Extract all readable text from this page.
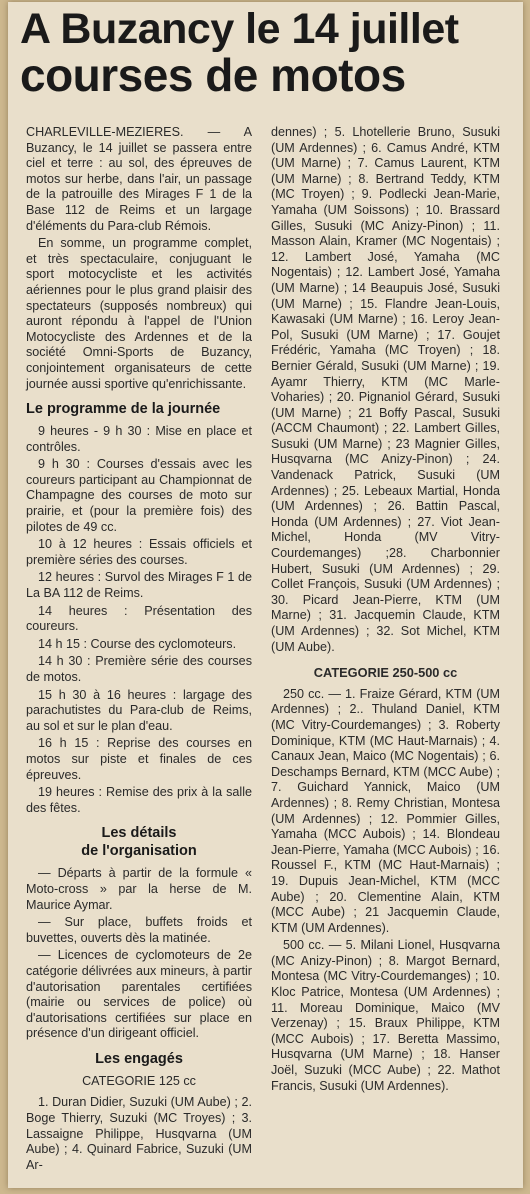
A Buzancy le 14 juillet
courses de motos

CHARLEVILLE-MEZIERES. — A Buzancy, le 14 juillet se passera entre ciel et terre : au sol, des épreuves de motos sur herbe, dans l'air, un passage de la patrouille des Mirages F 1 de la Base 112 de Reims et un largage d'éléments du Para-club Rémois.

En somme, un programme complet, et très spectaculaire, conjuguant le sport motocycliste et les activités aériennes pour le plus grand plaisir des spectateurs (supposés nombreux) qui auront répondu à l'appel de l'Union Motocycliste des Ardennes et de la société Omni-Sports de Buzancy, conjointement organisateurs de cette journée aussi sportive qu'enrichissante.

Le programme de la journée

9 heures - 9 h 30 : Mise en place et contrôles.

9 h 30 : Courses d'essais avec les coureurs participant au Championnat de Champagne des courses de moto sur prairie, et (pour la première fois) des pilotes de 49 cc.

10 à 12 heures : Essais officiels et première séries des courses.

12 heures : Survol des Mirages F 1 de La BA 112 de Reims.

14 heures : Présentation des coureurs.

14 h 15 : Course des cyclomoteurs.

14 h 30 : Première série des courses de motos.

15 h 30 à 16 heures : largage des parachutistes du Para-club de Reims, au sol et sur le plan d'eau.

16 h 15 : Reprise des courses en motos sur piste et finales de ces épreuves.

19 heures : Remise des prix à la salle des fêtes.

Les détails
de l'organisation

— Départs à partir de la formule « Moto-cross » par la herse de M. Maurice Aymar.

— Sur place, buffets froids et buvettes, ouverts dès la matinée.

— Licences de cyclomoteurs de 2e catégorie délivrées aux mineurs, à partir d'autorisation parentales certifiées (mairie ou services de police) où d'autorisations certifiées sur place en présence d'un dirigeant officiel.

Les engagés
CATEGORIE 125 cc

1. Duran Didier, Suzuki (UM Aube) ; 2. Boge Thierry, Suzuki (MC Troyes) ; 3. Lassaigne Philippe, Husqvarna (UM Aube) ; 4. Quinard Fabrice, Suzuki (UM Ar-

dennes) ; 5. Lhotellerie Bruno, Susuki (UM Ardennes) ; 6. Camus André, KTM (UM Marne) ; 7. Camus Laurent, KTM (UM Marne) ; 8. Bertrand Teddy, KTM (MC Troyen) ; 9. Podlecki Jean-Marie, Yamaha (UM Soissons) ; 10. Brassard Gilles, Susuki (MC Anizy-Pinon) ; 11. Masson Alain, Kramer (MC Nogentais) ; 12. Lambert José, Yamaha (MC Nogentais) ; 12. Lambert José, Yamaha (UM Marne) ; 14 Beaupuis José, Susuki (UM Marne) ; 15. Flandre Jean-Louis, Kawasaki (UM Marne) ; 16. Leroy Jean-Pol, Susuki (UM Marne) ; 17. Goujet Frédéric, Yamaha (MC Troyen) ; 18. Bernier Gérald, Susuki (UM Marne) ; 19. Ayamr Thierry, KTM (MC Marle-Voharies) ; 20. Pignaniol Gérard, Susuki (UM Marne) ; 21 Boffy Pascal, Susuki (ACCM Chaumont) ; 22. Lambert Gilles, Susuki (UM Marne) ; 23 Magnier Gilles, Husqvarna (MC Anizy-Pinon) ; 24. Vandenack Patrick, Susuki (UM Ardennes) ; 25. Lebeaux Martial, Honda (UM Ardennes) ; 26. Battin Pascal, Honda (UM Ardennes) ; 27. Viot Jean-Michel, Honda (MV Vitry-Courdemanges) ;28. Charbonnier Hubert, Susuki (UM Ardennes) ; 29. Collet François, Susuki (UM Ardennes) ; 30. Picard Jean-Pierre, KTM (UM Marne) ; 31. Jacquemin Claude, KTM (UM Ardennes) ; 32. Sot Michel, KTM (UM Aube).

CATEGORIE 250-500 cc

250 cc. — 1. Fraize Gérard, KTM (UM Ardennes) ; 2.. Thuland Daniel, KTM (MC Vitry-Courdemanges) ; 3. Roberty Dominique, KTM (MC Haut-Marnais) ; 4. Canaux Jean, Maico (MC Nogentais) ; 6. Deschamps Bernard, KTM (MCC Aube) ; 7. Guichard Yannick, Maico (UM Ardennes) ; 8. Remy Christian, Montesa (UM Ardennes) ; 12. Pommier Gilles, Yamaha (MCC Aubois) ; 14. Blondeau Jean-Pierre, Yamaha (MCC Aubois) ; 16. Roussel F., KTM (MC Haut-Marnais) ; 19. Dupuis Jean-Michel, KTM (MCC Aube) ; 20. Clementine Alain, KTM (MCC Aube) ; 21 Jacquemin Claude, KTM (UM Ardennes).

500 cc. — 5. Milani Lionel, Husqvarna (MC Anizy-Pinon) ; 8. Margot Bernard, Montesa (MC Vitry-Courdemanges) ; 10. Kloc Patrice, Montesa (UM Ardennes) ; 11. Moreau Dominique, Maico (MV Verzenay) ; 15. Braux Philippe, KTM (MCC Aubois) ; 17. Beretta Massimo, Husqvarna (UM Marne) ; 18. Hanser Joël, Suzuki (MCC Aube) ; 22. Mathot Francis, Susuki (UM Ardennes).
